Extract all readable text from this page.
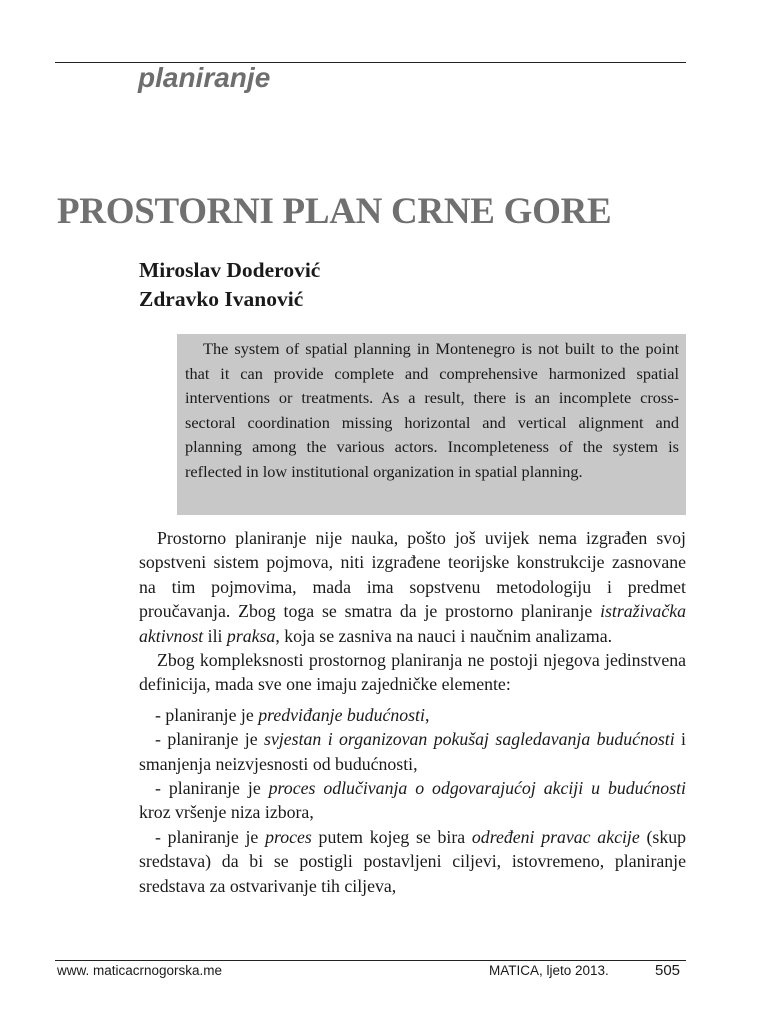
planiranje
PROSTORNI PLAN CRNE GORE
Miroslav Doderović
Zdravko Ivanović

The system of spatial planning in Montenegro is not built to the point that it can provide complete and comprehensive harmonized spatial interventions or treatments. As a result, there is an incomplete cross-sectoral coordination missing horizontal and vertical alignment and planning among the various actors. Incompleteness of the system is reflected in low institutional organization in spatial planning.

Prostorno planiranje nije nauka, pošto još uvijek nema izgrađen svoj sopstveni sistem pojmova, niti izgrađene teorijske konstrukcije zasnovane na tim pojmovima, mada ima sopstvenu metodologiju i predmet proučavanja. Zbog toga se smatra da je prostorno planiranje istraživačka aktivnost ili praksa, koja se zasniva na nauci i naučnim analizama.

Zbog kompleksnosti prostornog planiranja ne postoji njegova jedinstvena definicija, mada sve one imaju zajedničke elemente:

- planiranje je predviđanje budućnosti,

- planiranje je svjestan i organizovan pokušaj sagledavanja budućnosti i smanjenja neizvjesnosti od budućnosti,

- planiranje je proces odlučivanja o odgovarajućoj akciji u budućnosti kroz vršenje niza izbora,

- planiranje je proces putem kojeg se bira određeni pravac akcije (skup sredstava) da bi se postigli postavljeni ciljevi, istovremeno, planiranje sredstava za ostvarivanje tih ciljeva,

www. maticacrnogorska.me	MATICA, ljeto 2013.	505
